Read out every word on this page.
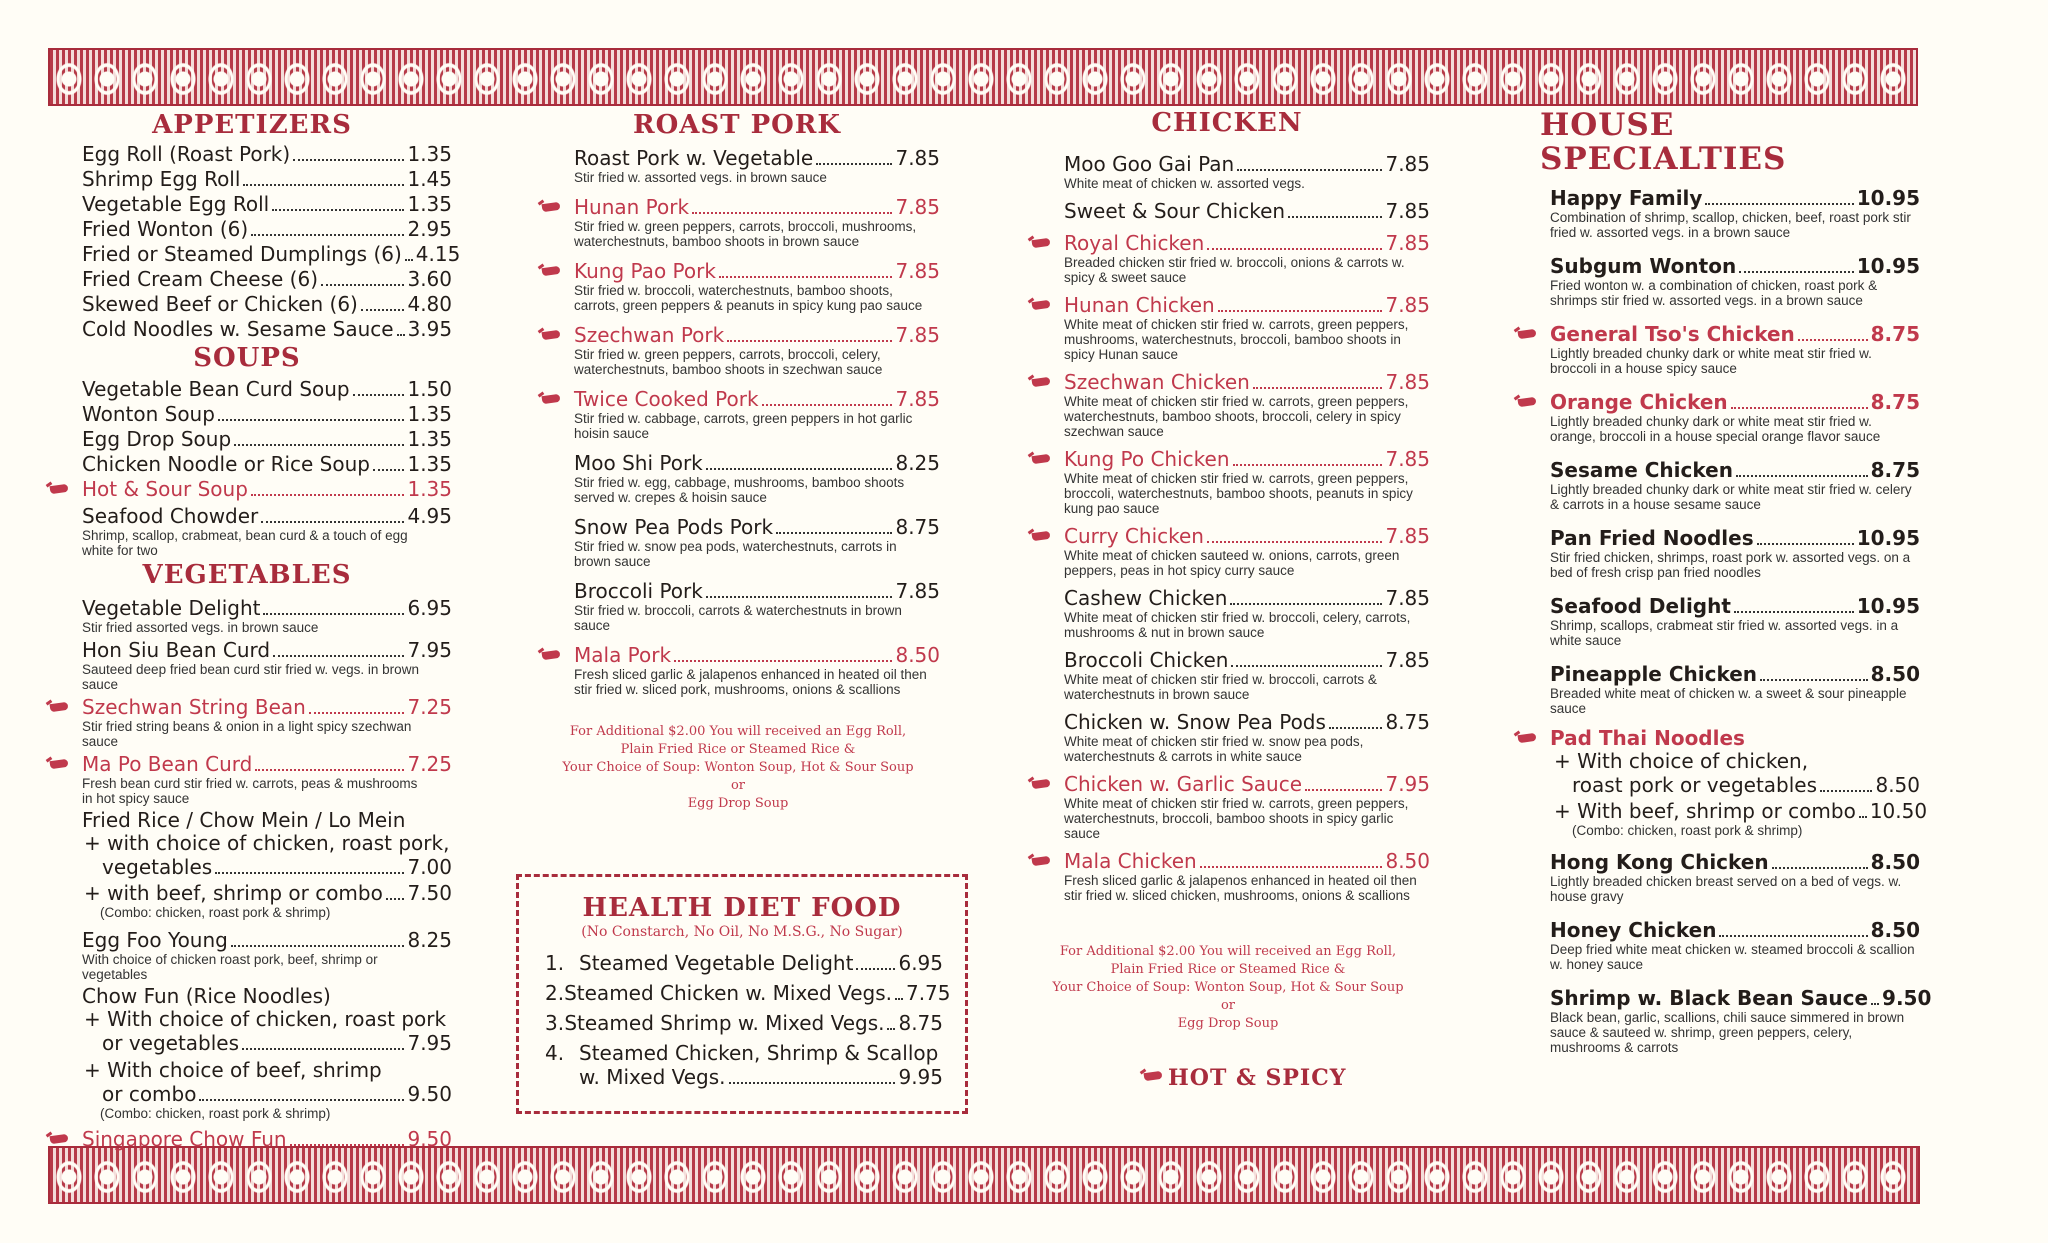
APPETIZERS
Egg Roll (Roast Pork)	1.35
Shrimp Egg Roll	1.45
Vegetable Egg Roll	1.35
Fried Wonton (6)	2.95
Fried or Steamed Dumplings (6) 4.15
Fried Cream Cheese (6)	3.60
Skewed Beef or Chicken (6) 4.80
Cold Noodles w. Sesame Sauce 3.95
SOUPS
Vegetable Bean Curd Soup	1.50
Wonton Soup	1.35
Egg Drop Soup	1.35
Chicken Noodle or Rice Soup 1.35
Hot & Sour Soup	1.35
Seafood Chowder	4.95
Shrimp, scallop, crabmeat, bean curd & a touch of egg white for two
VEGETABLES
Vegetable Delight	6.95
Stir fried assorted vegs. in brown sauce
Hon Siu Bean Curd	7.95
Sauteed deep fried bean curd stir fried w. vegs. in brown sauce
Szechwan String Bean	7.25
Stir fried string beans & onion in a light spicy szechwan sauce
Ma Po Bean Curd	7.25
Fresh bean curd stir fried w. carrots, peas & mushrooms in hot spicy sauce
Fried Rice / Chow Mein / Lo Mein
+ with choice of chicken, roast pork,
vegetables	7.00
+ with beef, shrimp or combo 7.50
(Combo: chicken, roast pork & shrimp)
Egg Foo Young	8.25
With choice of chicken roast pork, beef, shrimp or vegetables
Chow Fun (Rice Noodles)
+ With choice of chicken, roast pork
or vegetables	7.95
+ With choice of beef, shrimp
or combo	9.50
(Combo: chicken, roast pork & shrimp)
Singapore Chow Fun	9.50
ROAST PORK
Roast Pork w. Vegetable	7.85
Stir fried w. assorted vegs. in brown sauce
Hunan Pork	7.85
Stir fried w. green peppers, carrots, broccoli, mushrooms, waterchestnuts, bamboo shoots in brown sauce
Kung Pao Pork	7.85
Stir fried w. broccoli, waterchestnuts, bamboo shoots, carrots, green peppers & peanuts in spicy kung pao sauce
Szechwan Pork	7.85
Stir fried w. green peppers, carrots, broccoli, celery, waterchestnuts, bamboo shoots in szechwan sauce
Twice Cooked Pork	7.85
Stir fried w. cabbage, carrots, green peppers in hot garlic hoisin sauce
Moo Shi Pork	8.25
Stir fried w. egg, cabbage, mushrooms, bamboo shoots served w. crepes & hoisin sauce
Snow Pea Pods Pork	8.75
Stir fried w. snow pea pods, waterchestnuts, carrots in brown sauce
Broccoli Pork	7.85
Stir fried w. broccoli, carrots & waterchestnuts in brown sauce
Mala Pork	8.50
Fresh sliced garlic & jalapenos enhanced in heated oil then stir fried w. sliced pork, mushrooms, onions & scallions
For Additional $2.00 You will received an Egg Roll,
Plain Fried Rice or Steamed Rice &
Your Choice of Soup: Wonton Soup, Hot & Sour Soup or
Egg Drop Soup
HEALTH DIET FOOD
(No Constarch, No Oil, No M.S.G., No Sugar)
1. Steamed Vegetable Delight 6.95
2. Steamed Chicken w. Mixed Vegs. 7.75
3. Steamed Shrimp w. Mixed Vegs. 8.75
4. Steamed Chicken, Shrimp & Scallop
w. Mixed Vegs.	9.95
CHICKEN
Moo Goo Gai Pan	7.85
White meat of chicken w. assorted vegs.
Sweet & Sour Chicken	7.85
Royal Chicken	7.85
Breaded chicken stir fried w. broccoli, onions & carrots w. spicy & sweet sauce
Hunan Chicken	7.85
White meat of chicken stir fried w. carrots, green peppers, mushrooms, waterchestnuts, broccoli, bamboo shoots in spicy Hunan sauce
Szechwan Chicken	7.85
White meat of chicken stir fried w. carrots, green peppers, waterchestnuts, bamboo shoots, broccoli, celery in spicy szechwan sauce
Kung Po Chicken	7.85
White meat of chicken stir fried w. carrots, green peppers, broccoli, waterchestnuts, bamboo shoots, peanuts in spicy kung pao sauce
Curry Chicken	7.85
White meat of chicken sauteed w. onions, carrots, green peppers, peas in hot spicy curry sauce
Cashew Chicken	7.85
White meat of chicken stir fried w. broccoli, celery, carrots, mushrooms & nut in brown sauce
Broccoli Chicken	7.85
White meat of chicken stir fried w. broccoli, carrots & waterchestnuts in brown sauce
Chicken w. Snow Pea Pods	8.75
White meat of chicken stir fried w. snow pea pods, waterchestnuts & carrots in white sauce
Chicken w. Garlic Sauce	7.95
White meat of chicken stir fried w. carrots, green peppers, waterchestnuts, broccoli, bamboo shoots in spicy garlic sauce
Mala Chicken	8.50
Fresh sliced garlic & jalapenos enhanced in heated oil then stir fried w. sliced chicken, mushrooms, onions & scallions
For Additional $2.00 You will received an Egg Roll,
Plain Fried Rice or Steamed Rice &
Your Choice of Soup: Wonton Soup, Hot & Sour Soup or
Egg Drop Soup
HOT & SPICY
HOUSE SPECIALTIES
Happy Family	10.95
Combination of shrimp, scallop, chicken, beef, roast pork stir fried w. assorted vegs. in a brown sauce
Subgum Wonton	10.95
Fried wonton w. a combination of chicken, roast pork & shrimps stir fried w. assorted vegs. in a brown sauce
General Tso's Chicken	8.75
Lightly breaded chunky dark or white meat stir fried w. broccoli in a house spicy sauce
Orange Chicken	8.75
Lightly breaded chunky dark or white meat stir fried w. orange, broccoli in a house special orange flavor sauce
Sesame Chicken	8.75
Lightly breaded chunky dark or white meat stir fried w. celery & carrots in a house sesame sauce
Pan Fried Noodles	10.95
Stir fried chicken, shrimps, roast pork w. assorted vegs. on a bed of fresh crisp pan fried noodles
Seafood Delight	10.95
Shrimp, scallops, crabmeat stir fried w. assorted vegs. in a white sauce
Pineapple Chicken	8.50
Breaded white meat of chicken w. a sweet & sour pineapple sauce
Pad Thai Noodles
+ With choice of chicken,
roast pork or vegetables	8.50
+ With beef, shrimp or combo 10.50
(Combo: chicken, roast pork & shrimp)
Hong Kong Chicken	8.50
Lightly breaded chicken breast served on a bed of vegs. w. house gravy
Honey Chicken	8.50
Deep fried white meat chicken w. steamed broccoli & scallion w. honey sauce
Shrimp w. Black Bean Sauce 9.50
Black bean, garlic, scallions, chili sauce simmered in brown sauce & sauteed w. shrimp, green peppers, celery, mushrooms & carrots
